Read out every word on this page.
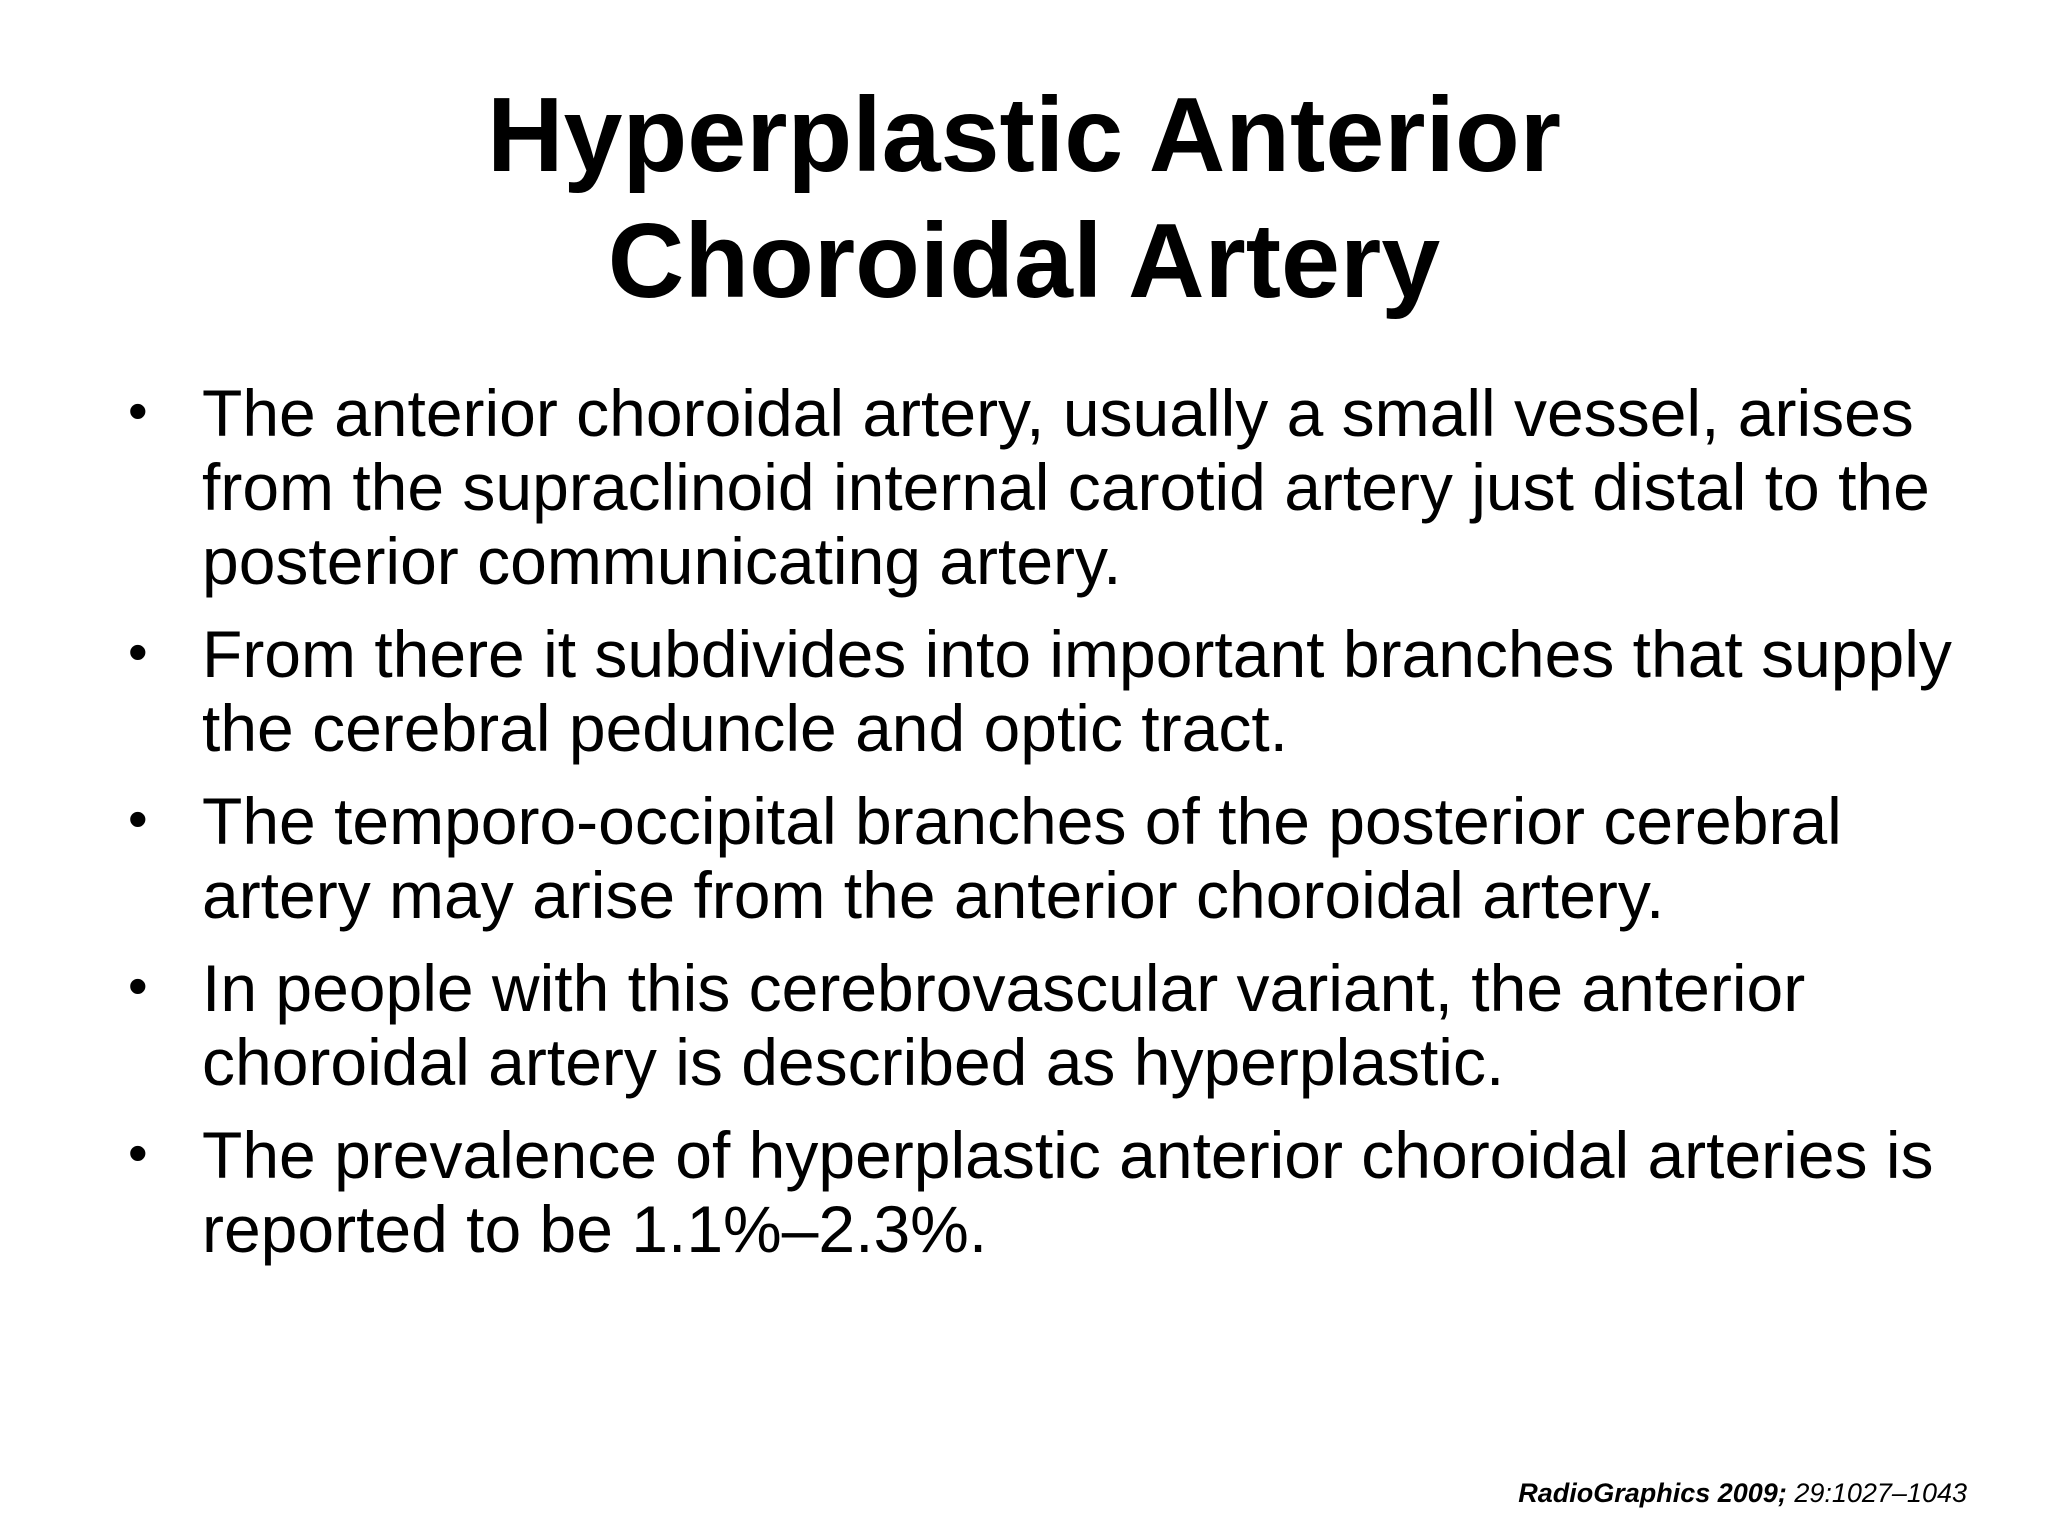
Hyperplastic Anterior
Choroidal Artery
• The anterior choroidal artery, usually a small vessel, arises from the supraclinoid internal carotid artery just distal to the posterior communicating artery.
• From there it subdivides into important branches that supply the cerebral peduncle and optic tract.
• The temporo-occipital branches of the posterior cerebral artery may arise from the anterior choroidal artery.
• In people with this cerebrovascular variant, the anterior choroidal artery is described as hyperplastic.
• The prevalence of hyperplastic anterior choroidal arteries is reported to be 1.1%–2.3%.
RadioGraphics 2009; 29:1027–1043
